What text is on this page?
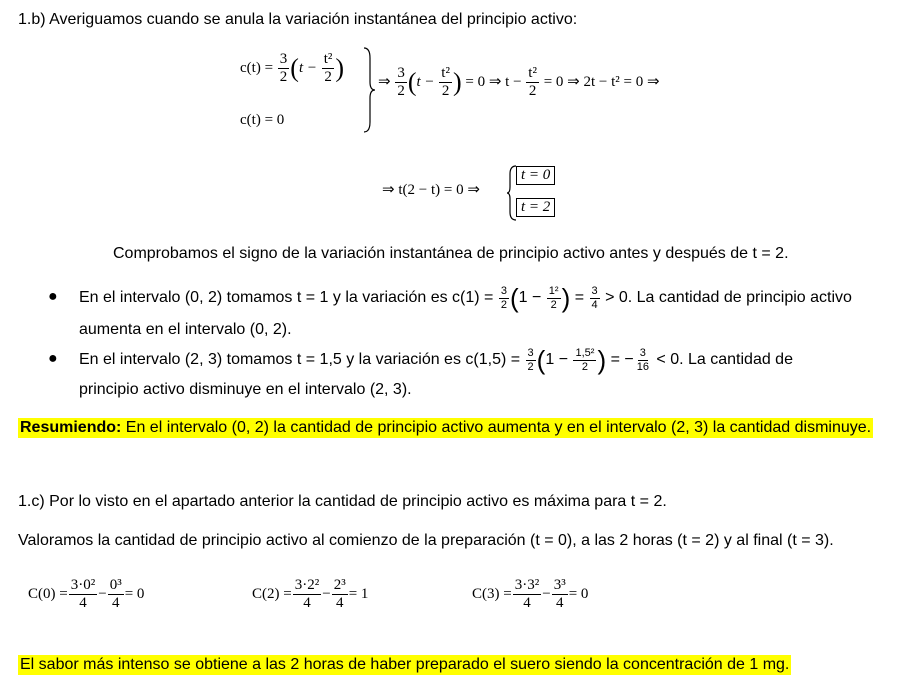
1.b) Averiguamos cuando se anula la variación instantánea del principio activo:
$c(t) = \frac{3}{2} (t - \frac{\text{t²}}{2}$ )
c(t) = 0
⇒ $\frac{3}{2} (t - \frac{\text{t²}}{2}$ ) = 0 ⇒ $t - \frac{\text{t²}}{2} = 0$ ⇒ 2t − t² = 0 ⇒
⇒ t(2 − t) = 0 ⇒
t = 0
t = 2
Comprobamos el signo de la variación instantánea de principio activo antes y después de t = 2.
● En el intervalo (0, 2) tomamos t = 1 y la variación es c(1) =
$\frac{3}{2}$ ( 1 −
$\frac{\text{1²}}{2}$ )
=
$\frac{3}{4}$
> 0. La cantidad de principio activo
aumenta en el intervalo (0, 2).
● En el intervalo (2, 3) tomamos t = 1,5 y la variación es c(1,5) =
$\frac{3}{2}$ ( 1 −
$\frac{\text{1,5²}}{2}$ )
= − $\frac{3}{16}$
< 0. La cantidad de
principio activo disminuye en el intervalo (2, 3).
Resumiendo: En el intervalo (0, 2) la cantidad de principio activo aumenta y en el intervalo (2, 3) la cantidad disminuye.
1.c) Por lo visto en el apartado anterior la cantidad de principio activo es máxima para t = 2.
Valoramos la cantidad de principio activo al comienzo de la preparación (t = 0), a las 2 horas (t = 2) y al final (t = 3).
$C(0) = \frac{\text{3·0²}}{4} - \frac{\text{0³}}{4} = 0$	$C(2) = \frac{\text{3·2²}}{4} - \frac{\text{2³}}{4} = 1$	$C(3) = \frac{\text{3·3²}}{4} - \frac{\text{3³}}{4} = 0$
El sabor más intenso se obtiene a las 2 horas de haber preparado el suero siendo la concentración de 1 mg.
